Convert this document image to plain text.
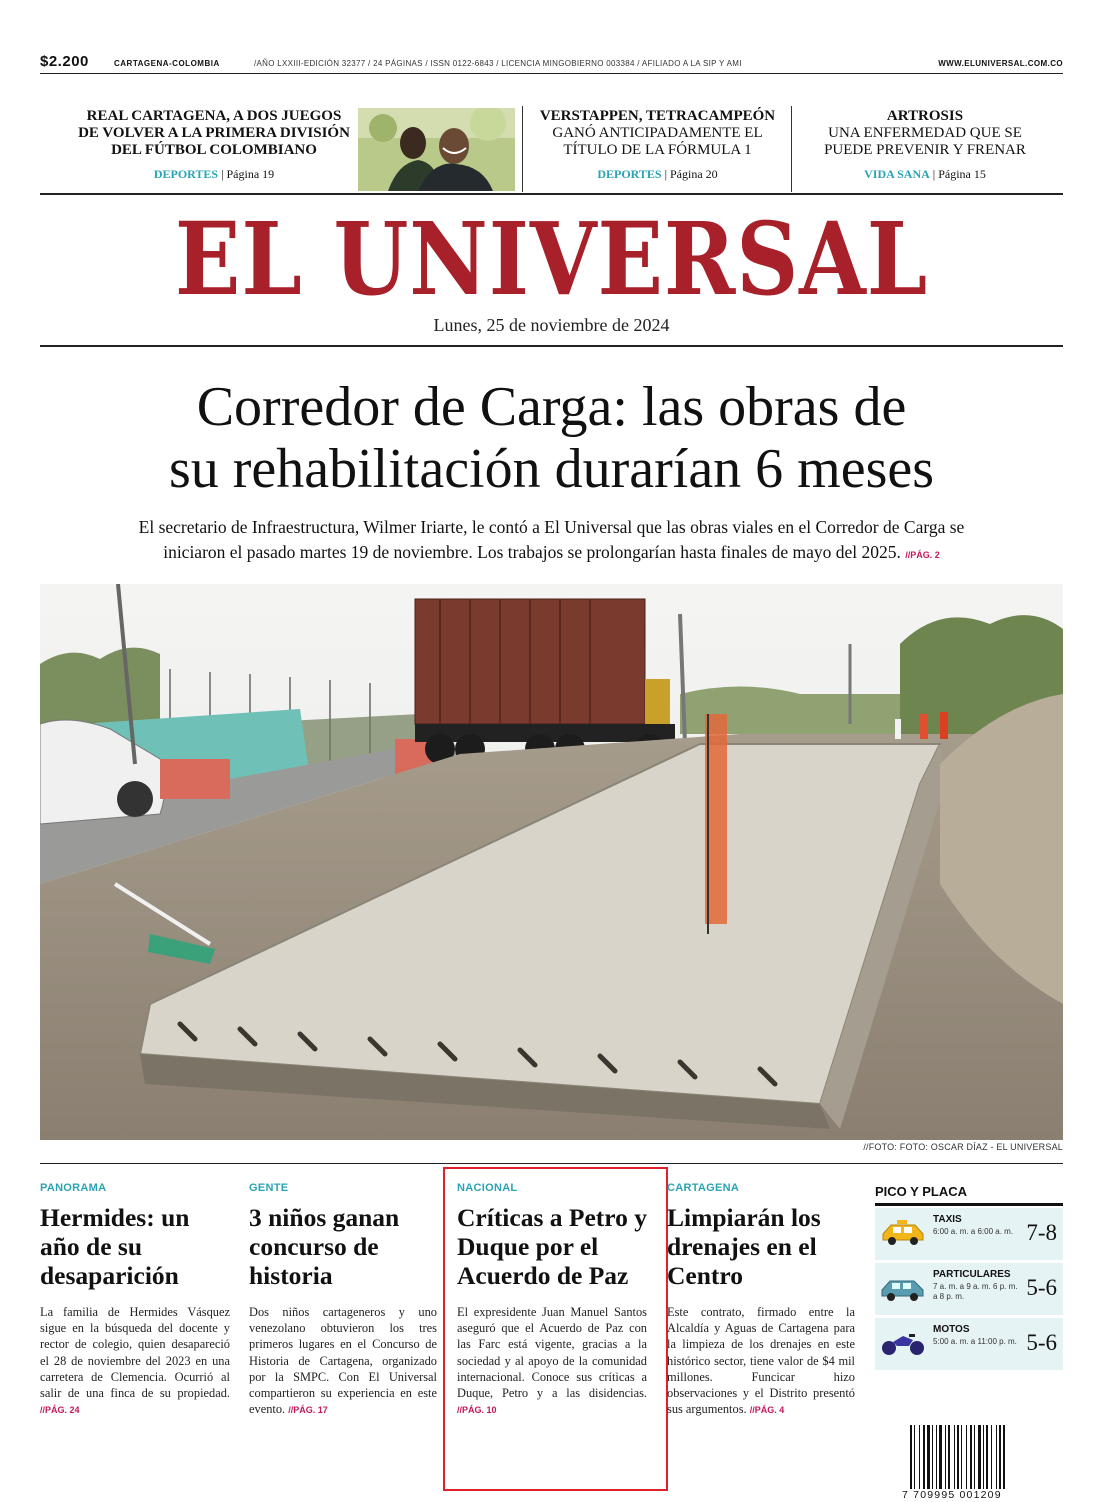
$2.200	CARTAGENA-COLOMBIA	/AÑO LXXIII-EDICIÓN 32377 / 24 PÁGINAS / ISSN 0122-6843 / LICENCIA MINGOBIERNO 003384 / AFILIADO A LA SIP Y AMI	WWW.ELUNIVERSAL.COM.CO
REAL CARTAGENA, A DOS JUEGOS DE VOLVER A LA PRIMERA DIVISIÓN DEL FÚTBOL COLOMBIANO
DEPORTES | Página 19
VERSTAPPEN, TETRACAMPEÓN
GANÓ ANTICIPADAMENTE EL TÍTULO DE LA FÓRMULA 1
DEPORTES | Página 20
ARTROSIS
UNA ENFERMEDAD QUE SE PUEDE PREVENIR Y FRENAR
VIDA SANA | Página 15
EL UNIVERSAL
Lunes, 25 de noviembre de 2024
Corredor de Carga: las obras de
su rehabilitación durarían 6 meses
El secretario de Infraestructura, Wilmer Iriarte, le contó a El Universal que las obras viales en el Corredor de Carga se
iniciaron el pasado martes 19 de noviembre. Los trabajos se prolongarían hasta finales de mayo del 2025. //PÁG. 2
//FOTO: FOTO: OSCAR DÍAZ - EL UNIVERSAL
PANORAMA
Hermides: un año de su desaparición
La familia de Hermides Vásquez sigue en la búsqueda del docente y rector de colegio, quien desapareció el 28 de noviembre del 2023 en una carretera de Clemencia. Ocurrió al salir de una finca de su propiedad. //PÁG. 24
GENTE
3 niños ganan concurso de historia
Dos niños cartageneros y uno venezolano obtuvieron los tres primeros lugares en el Concurso de Historia de Cartagena, organizado por la SMPC. Con El Universal compartieron su experiencia en este evento. //PÁG. 17
NACIONAL
Críticas a Petro y Duque por el Acuerdo de Paz
El expresidente Juan Manuel Santos aseguró que el Acuerdo de Paz con las Farc está vigente, gracias a la sociedad y al apoyo de la comunidad internacional. Conoce sus críticas a Duque, Petro y a las disidencias. //PÁG. 10
CARTAGENA
Limpiarán los drenajes en el Centro
Este contrato, firmado entre la Alcaldía y Aguas de Cartagena para la limpieza de los drenajes en este histórico sector, tiene valor de $4 mil millones. Funcicar hizo observaciones y el Distrito presentó sus argumentos. //PÁG. 4
PICO Y PLACA
TAXIS
6:00 a. m. a 6:00 a. m. 7-8
PARTICULARES
7 a. m. a 9 a. m. 6 p. m. a 8 p. m.	5-6
MOTOS
5:00 a. m. a 11:00 p. m. 5-6
7 709995 001209
